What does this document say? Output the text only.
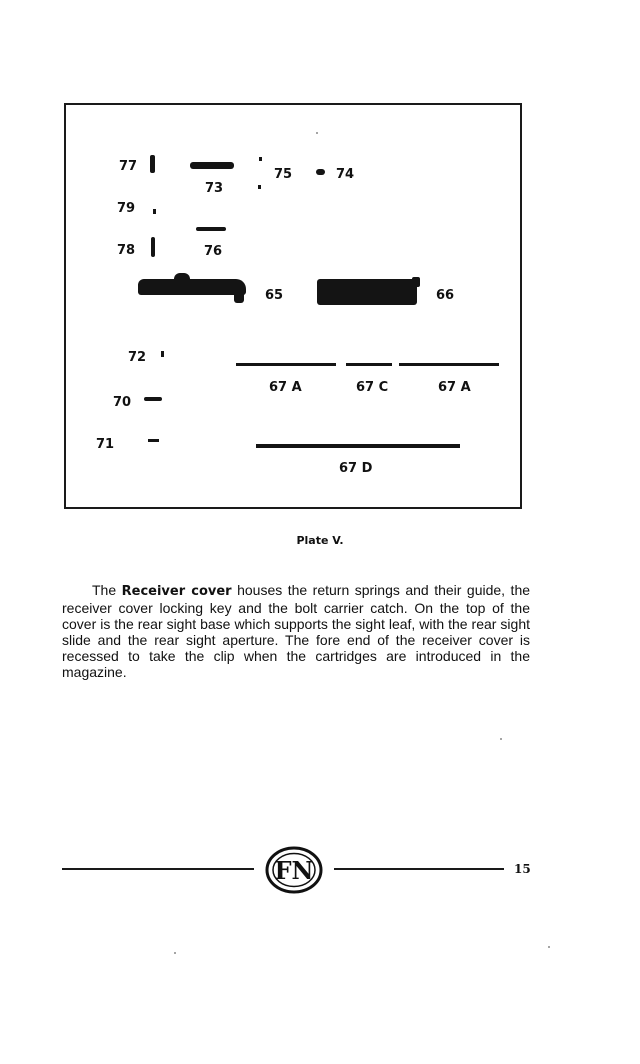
77
73
75	74
79
78	76
65	66
72
67 A	67 C	67 A
70
71
67 D
Plate V.

The Receiver cover houses the return springs and their guide, the receiver cover locking key and the bolt carrier catch. On the top of the cover is the rear sight base which supports the sight leaf, with the rear sight slide and the rear sight aperture. The fore end of the receiver cover is recessed to take the clip when the cartridges are introduced in the magazine.

FN	15
